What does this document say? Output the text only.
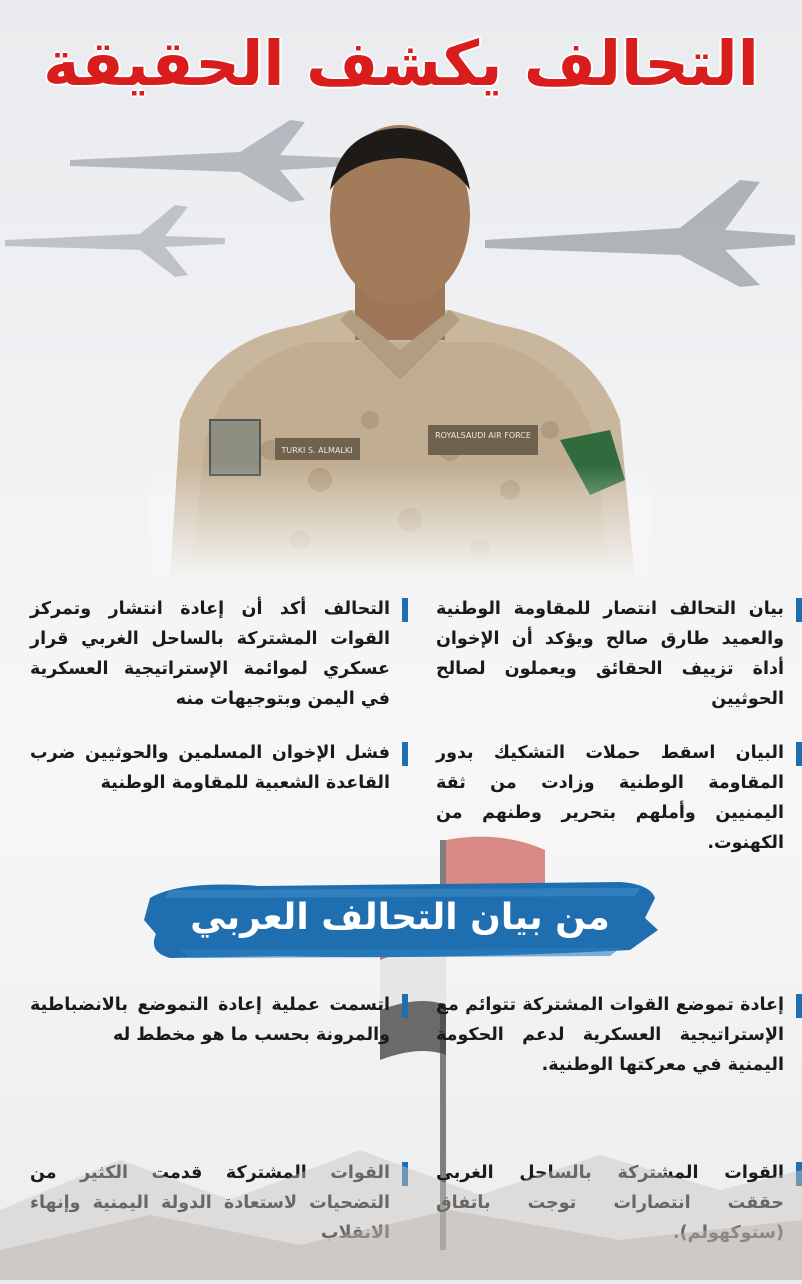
التحالف يكشف الحقيقة
بيان التحالف انتصار للمقاومة الوطنية والعميد طارق صالح ويؤكد أن الإخوان أداة تزييف الحقائق ويعملون لصالح الحوثيين
التحالف أكد أن إعادة انتشار وتمركز القوات المشتركة بالساحل الغربي قرار عسكري لموائمة الإستراتيجية العسكرية في اليمن وبتوجيهات منه
البيان اسقط حملات التشكيك بدور المقاومة الوطنية وزادت من ثقة اليمنيين وأملهم بتحرير وطنهم من الكهنوت.
فشل الإخوان المسلمين والحوثيين ضرب القاعدة الشعبية للمقاومة الوطنية
من بيان التحالف العربي
إعادة تموضع القوات المشتركة تتوائم مع الإستراتيجية العسكرية لدعم الحكومة اليمنية في معركتها الوطنية.
اتسمت عملية إعادة التموضع بالانضباطية والمرونة بحسب ما هو مخطط له
القوات المشتركة بالساحل الغربي حققت انتصارات توجت باتفاق (ستوكهولم).
القوات المشتركة قدمت الكثير من التضحيات لاستعادة الدولة اليمنية وإنهاء الانقلاب
